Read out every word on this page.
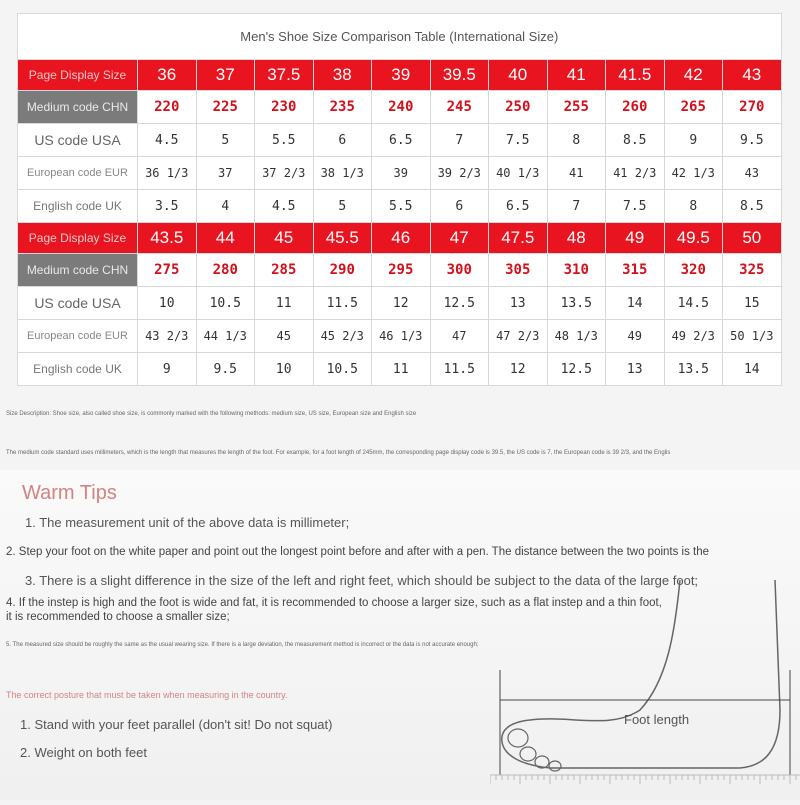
Men's Shoe Size Comparison Table (International Size)											
Page Display Size	36	37	37.5	38	39	39.5	40	41	41.5	42	43
Medium code CHN	220	225	230	235	240	245	250	255	260	265	270
US code USA	4.5	5	5.5	6	6.5	7	7.5	8	8.5	9	9.5
European code EUR	36 1/3	37	37 2/3	38 1/3	39	39 2/3	40 1/3	41	41 2/3	42 1/3	43
English code UK	3.5	4	4.5	5	5.5	6	6.5	7	7.5	8	8.5
Page Display Size	43.5	44	45	45.5	46	47	47.5	48	49	49.5	50
Medium code CHN	275	280	285	290	295	300	305	310	315	320	325
US code USA	10	10.5	11	11.5	12	12.5	13	13.5	14	14.5	15
European code EUR	43 2/3	44 1/3	45	45 2/3	46 1/3	47	47 2/3	48 1/3	49	49 2/3	50 1/3
English code UK	9	9.5	10	10.5	11	11.5	12	12.5	13	13.5	14
Size Description: Shoe size, also called shoe size, is commonly marked with the following methods: medium size, US size, European size and English size
The medium code standard uses millimeters, which is the length that measures the length of the foot. For example, for a foot length of 245mm, the corresponding page display code is 39.5, the US code is 7, the European code is 39 2/3, and the Englis
Warm Tips
1. The measurement unit of the above data is millimeter;
2. Step your foot on the white paper and point out the longest point before and after with a pen. The distance between the two points is the
3. There is a slight difference in the size of the left and right feet, which should be subject to the data of the large foot;
4. If the instep is high and the foot is wide and fat, it is recommended to choose a larger size, such as a flat instep and a thin foot,
it is recommended to choose a smaller size;
5. The measured size should be roughly the same as the usual wearing size. If there is a large deviation, the measurement method is incorrect or the data is not accurate enough;
The correct posture that must be taken when measuring in the country.
1. Stand with your feet parallel (don't sit! Do not squat)
2. Weight on both feet
Foot length
